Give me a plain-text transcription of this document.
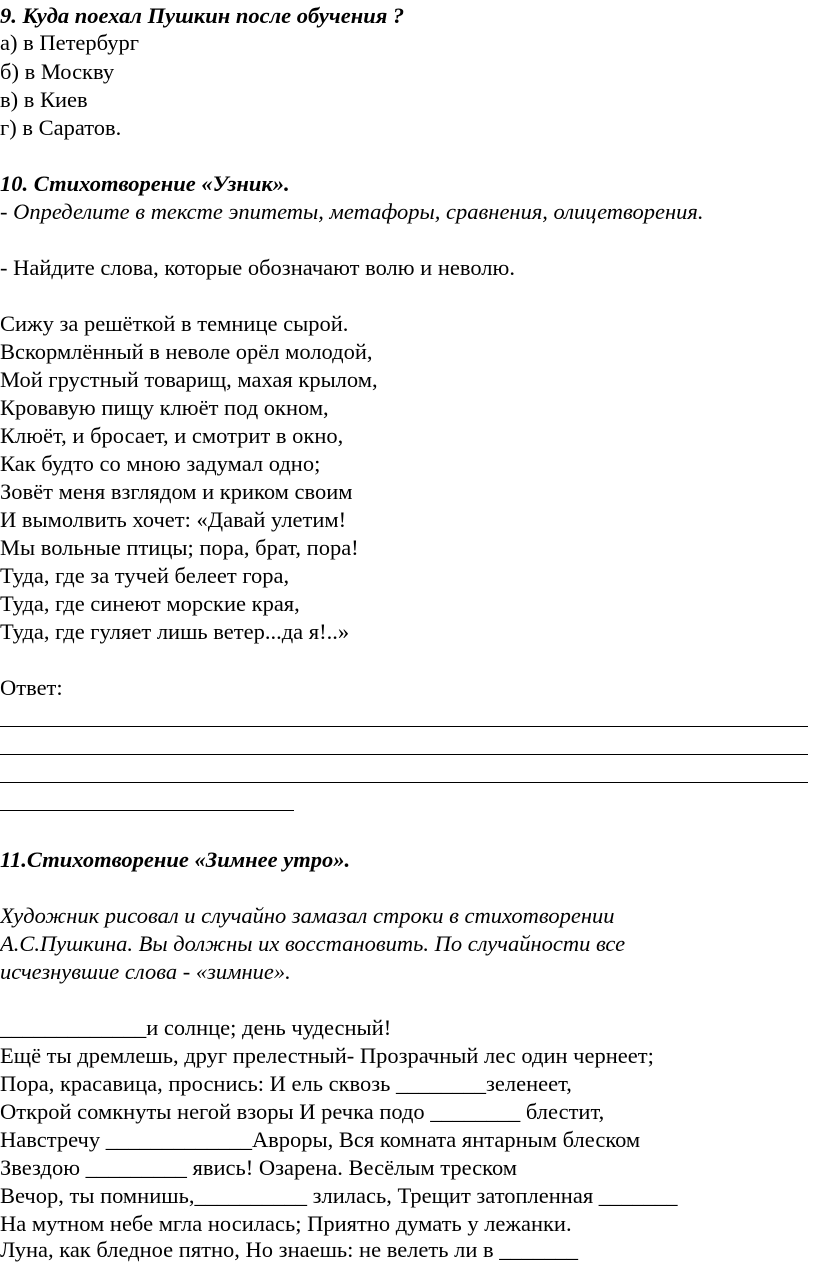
9. Куда поехал Пушкин после обучения ?
а) в Петербург
б) в Москву
в) в Киев
г) в Саратов.
10. Стихотворение «Узник».
- Определите в тексте эпитеты, метафоры, сравнения, олицетворения.
- Найдите слова, которые обозначают волю и неволю.
Сижу за решёткой в темнице сырой.
Вскормлённый в неволе орёл молодой,
Мой грустный товарищ, махая крылом,
Кровавую пищу клюёт под окном,
Клюёт, и бросает, и смотрит в окно,
Как будто со мною задумал одно;
Зовёт меня взглядом и криком своим
И вымолвить хочет: «Давай улетим!
Мы вольные птицы; пора, брат, пора!
Туда, где за тучей белеет гора,
Туда, где синеют морские края,
Туда, где гуляет лишь ветер...да я!..»
Ответ:
11.Стихотворение «Зимнее утро».
Художник рисовал и случайно замазал строки в стихотворении
А.С.Пушкина. Вы должны их восстановить. По случайности все
исчезнувшие слова - «зимние».
_____________и солнце; день чудесный!
Ещё ты дремлешь, друг прелестный- Прозрачный лес один чернеет;
Пора, красавица, проснись: И ель сквозь ________зеленеет,
Открой сомкнуты негой взоры И речка подо ________ блестит,
Навстречу _____________Авроры, Вся комната янтарным блеском
Звездою _________ явись! Озарена. Весёлым треском
Вечор, ты помнишь,__________ злилась, Трещит затопленная _______
На мутном небе мгла носилась; Приятно думать у лежанки.
Луна, как бледное пятно, Но знаешь: не велеть ли в _______
